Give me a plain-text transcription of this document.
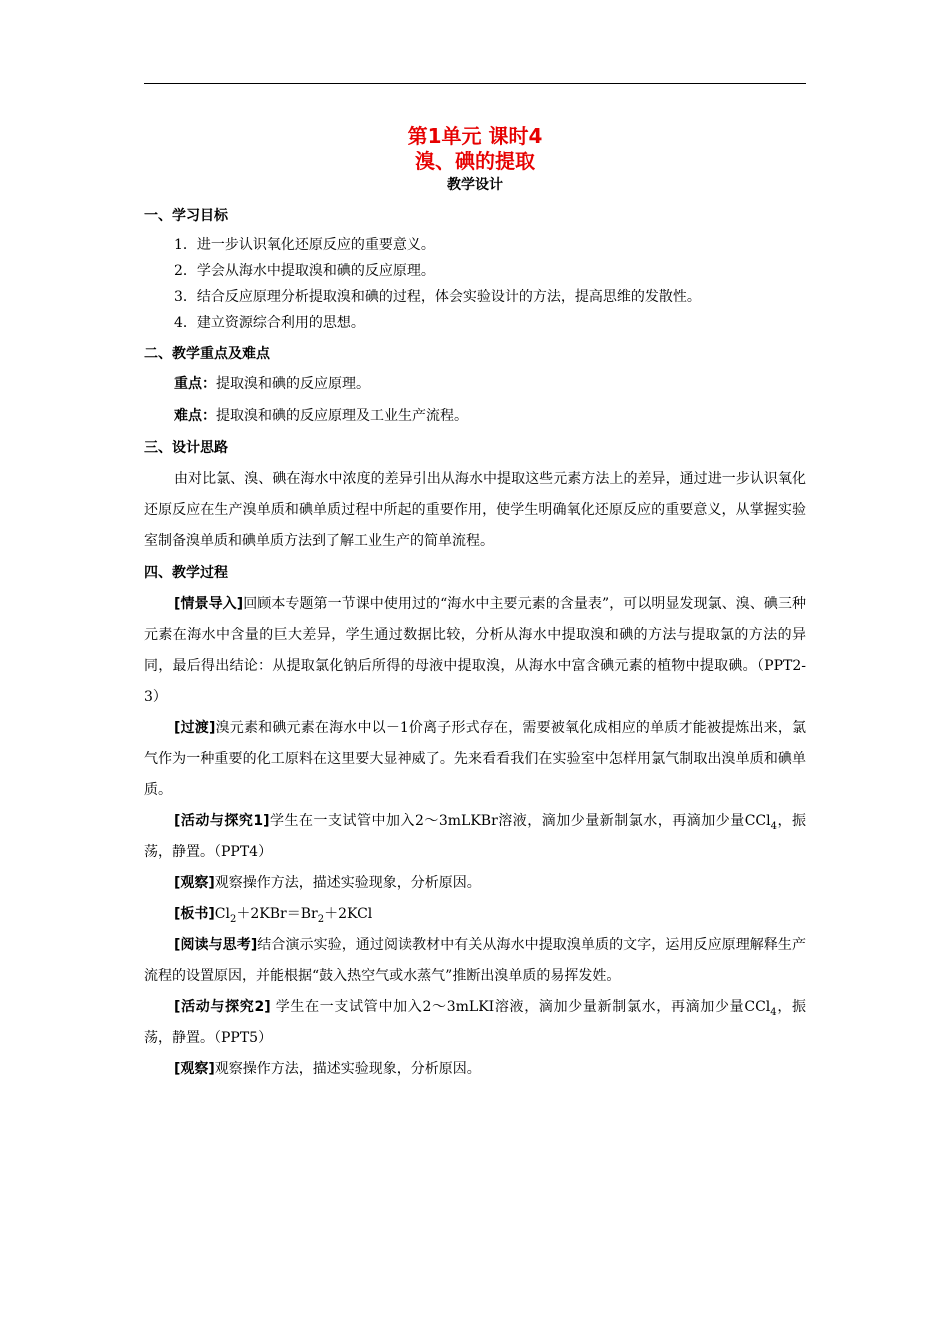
第1单元 课时4
溴、碘的提取
教学设计
一、学习目标
1．进一步认识氧化还原反应的重要意义。
2．学会从海水中提取溴和碘的反应原理。
3．结合反应原理分析提取溴和碘的过程，体会实验设计的方法，提高思维的发散性。
4．建立资源综合利用的思想。
二、教学重点及难点
重点：提取溴和碘的反应原理。
难点：提取溴和碘的反应原理及工业生产流程。
三、设计思路

由对比氯、溴、碘在海水中浓度的差异引出从海水中提取这些元素方法上的差异，通过进一步认识氧化还原反应在生产溴单质和碘单质过程中所起的重要作用，使学生明确氧化还原反应的重要意义，从掌握实验室制备溴单质和碘单质方法到了解工业生产的简单流程。

四、教学过程

[情景导入]回顾本专题第一节课中使用过的“海水中主要元素的含量表”，可以明显发现氯、溴、碘三种元素在海水中含量的巨大差异，学生通过数据比较，分析从海水中提取溴和碘的方法与提取氯的方法的异同，最后得出结论：从提取氯化钠后所得的母液中提取溴，从海水中富含碘元素的植物中提取碘。（PPT2-3）

[过渡]溴元素和碘元素在海水中以－1价离子形式存在，需要被氧化成相应的单质才能被提炼出来，氯气作为一种重要的化工原料在这里要大显神威了。先来看看我们在实验室中怎样用氯气制取出溴单质和碘单质。

[活动与探究1]学生在一支试管中加入2～3mLKBr溶液，滴加少量新制氯水，再滴加少量CCl$_4$，振荡，静置。（PPT4）

[观察]观察操作方法，描述实验现象，分析原因。

[板书]$Cl_2+2KBr=Br_2+2KCl$

[阅读与思考]结合演示实验，通过阅读教材中有关从海水中提取溴单质的文字，运用反应原理解释生产流程的设置原因，并能根据“鼓入热空气或水蒸气”推断出溴单质的易挥发姓。

[活动与探究2] 学生在一支试管中加入2～3mLKI溶液，滴加少量新制氯水，再滴加少量CCl$_4$，振荡，静置。（PPT5）

[观察]观察操作方法，描述实验现象，分析原因。
